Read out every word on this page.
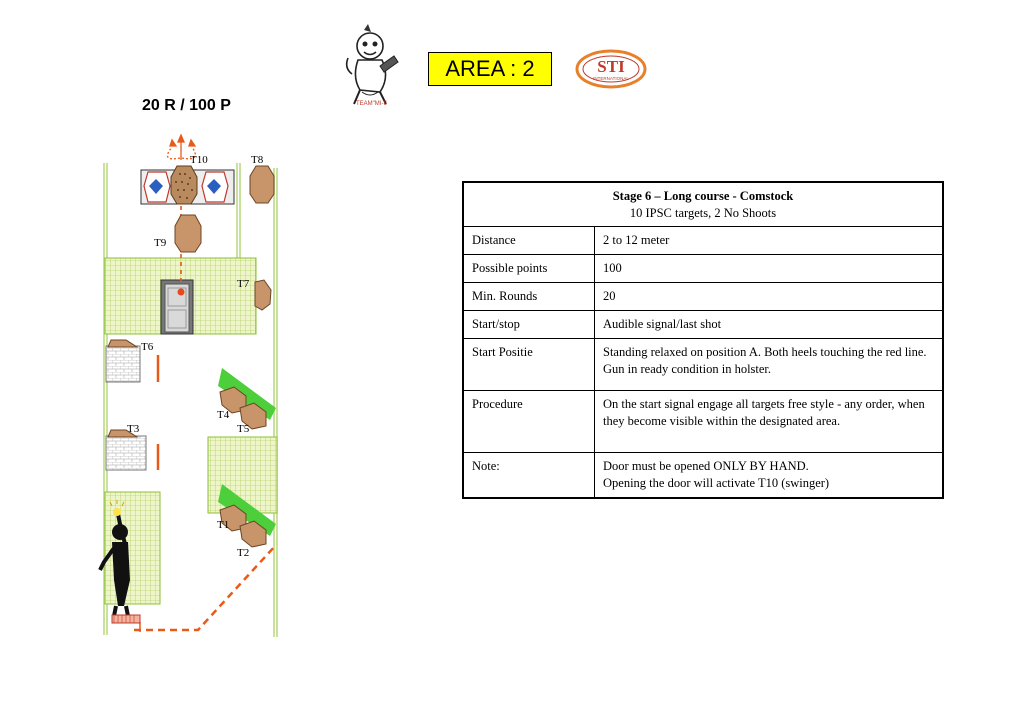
AREA : 2
20 R / 100 P	TEAM"MI-II
STI
INTERNATIONAL
Stage 6 – Long course - Comstock
10 IPSC targets, 2 No Shoots	

Distance	2 to 12 meter
Possible points	100
Min. Rounds	20
Start/stop	Audible signal/last shot
Start Positie	Standing relaxed on position A. Both heels touching the red line. Gun in ready condition in holster.
Procedure	On the start signal engage all targets free style - any order, when they become visible within the designated area.
Note:	Door must be opened ONLY BY HAND.
Opening the door will activate T10 (swinger)
T10	T8
T9
T7
T6
T4
T3	T5
T1
T2
